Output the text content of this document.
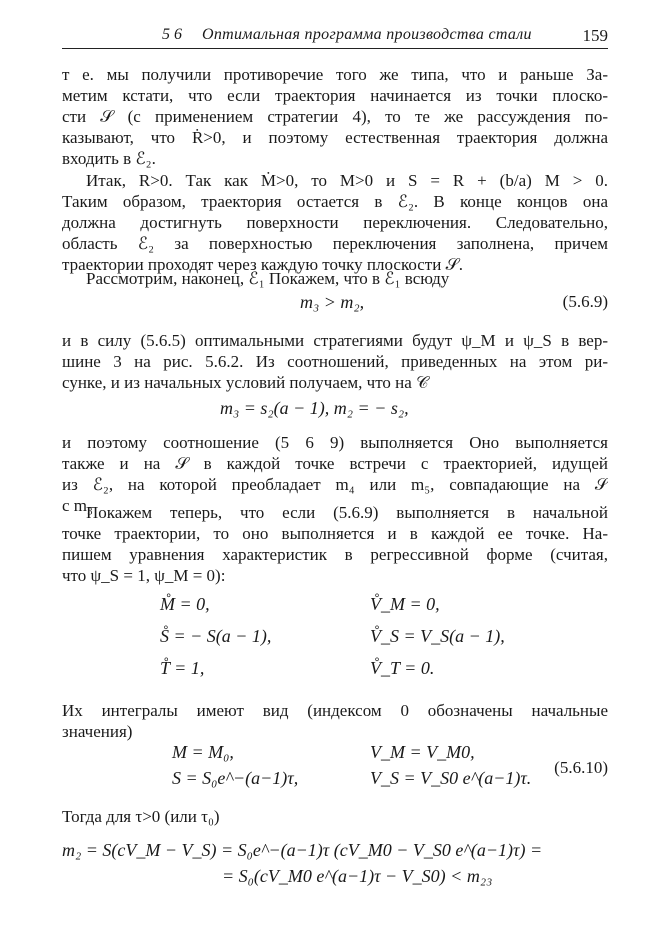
5 6 Оптимальная программа производства стали	159
т е. мы получили противоречие того же типа, что и раньше За-
метим кстати, что если траектория начинается из точки плоско-
сти 𝒮 (с применением стратегии 4), то те же рассуждения по-
казывают, что Ṙ>0, и поэтому естественная траектория должна
входить в ℰ₂.
Итак, R>0. Так как Ṁ>0, то M>0 и S = R + (b/a) M > 0.
Таким образом, траектория остается в ℰ₂. В конце концов она
должна достигнуть поверхности переключения. Следовательно,
область ℰ₂ за поверхностью переключения заполнена, причем
траектории проходят через каждую точку плоскости 𝒮.
Рассмотрим, наконец, ℰ₁ Покажем, что в ℰ₁ всюду
m₃ > m₂,	(5.6.9)
и в силу (5.6.5) оптимальными стратегиями будут ψ_M и ψ_S в вер-
шине 3 на рис. 5.6.2. Из соотношений, приведенных на этом ри-
сунке, и из начальных условий получаем, что на 𝒞
m₃ = s₂(a − 1), m₂ = − s₂,
и поэтому соотношение (5 6 9) выполняется Оно выполняется
также и на 𝒮 в каждой точке встречи с траекторией, идущей
из ℰ₂, на которой преобладает m₄ или m₅, совпадающие на 𝒮
с m₃
Покажем теперь, что если (5.6.9) выполняется в начальной
точке траектории, то оно выполняется и в каждой ее точке. На-
пишем уравнения характеристик в регрессивной форме (считая,
что ψ_S = 1, ψ_M = 0):
M̊ = 0,
S̊ = − S(a − 1),
T̊ = 1,
V̊_M = 0,
V̊_S = V_S(a − 1),
V̊_T = 0.
Их интегралы имеют вид (индексом 0 обозначены начальные
значения)
M = M₀,
S = S₀e^−(a−1)τ,
V_M = V_M0,
V_S = V_S0 e^(a−1)τ.
(5.6.10)
Тогда для τ>0 (или τ₀)
m₂ = S(cV_M − V_S) = S₀e^−(a−1)τ (cV_M0 − V_S0 e^(a−1)τ) =
= S₀(cV_M0 e^(a−1)τ − V_S0) < m₂₃
